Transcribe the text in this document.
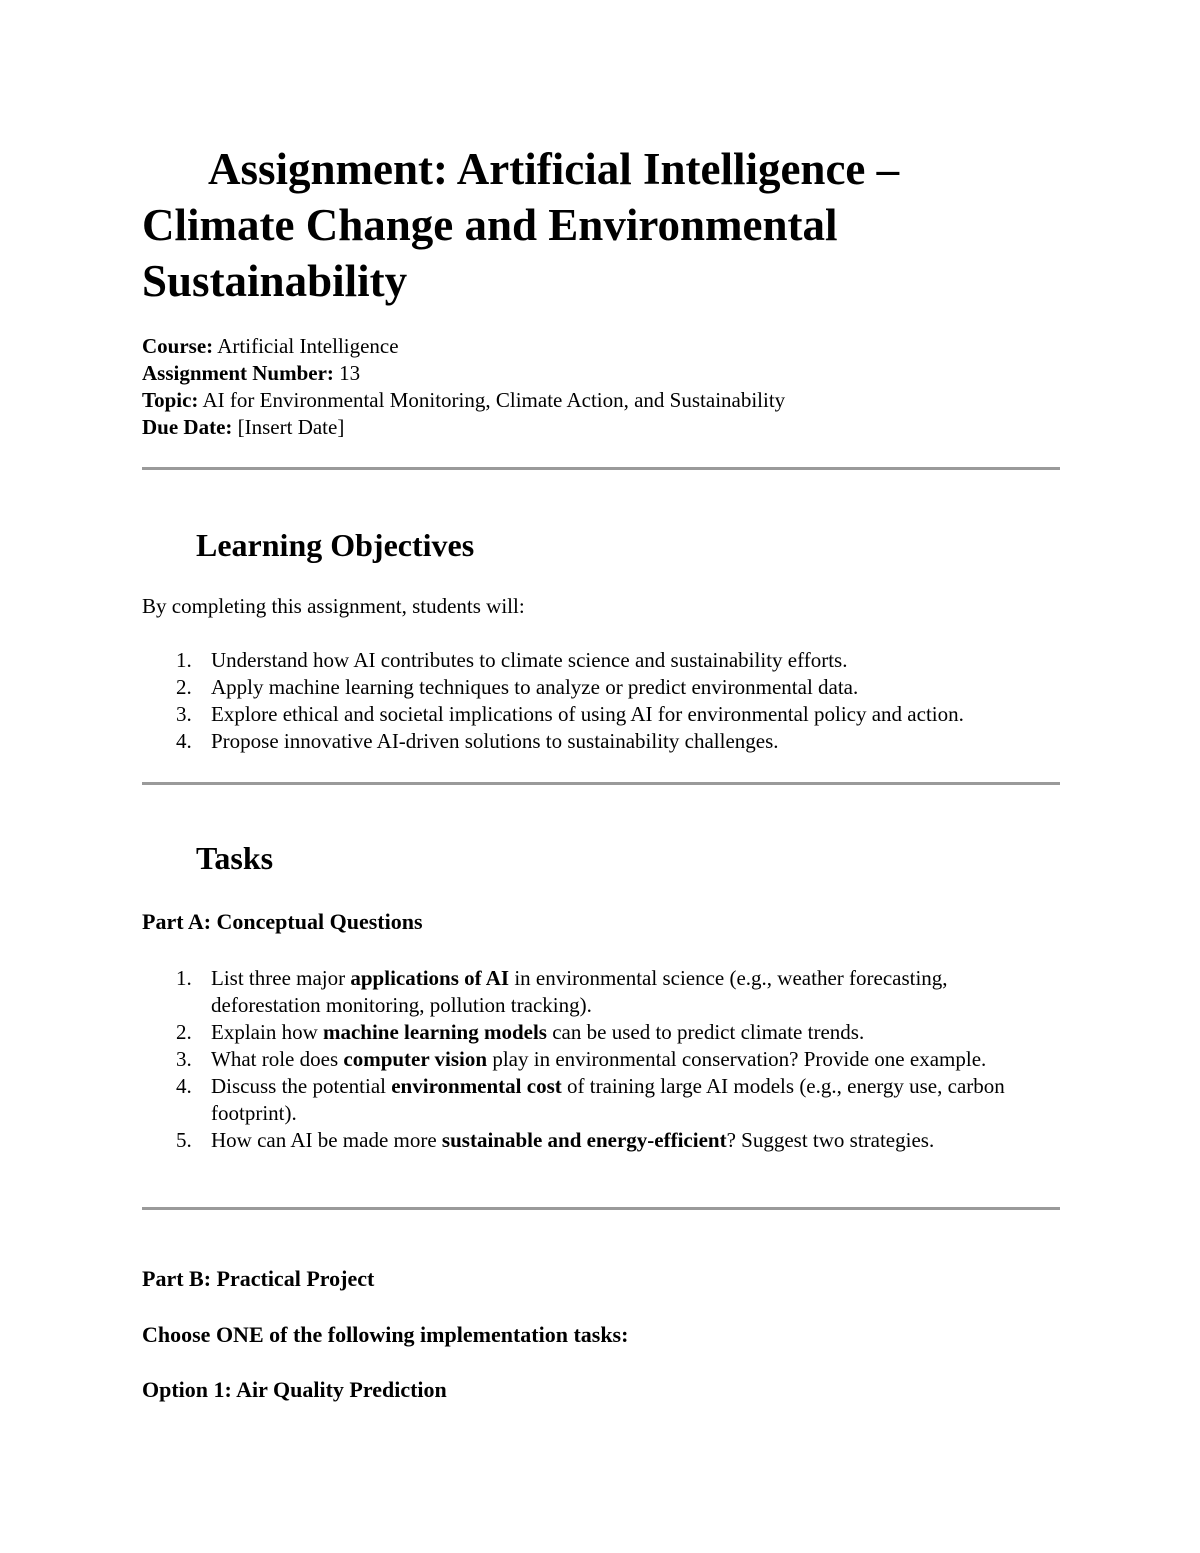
Assignment: Artificial Intelligence – Climate Change and Environmental Sustainability
Course: Artificial Intelligence
Assignment Number: 13
Topic: AI for Environmental Monitoring, Climate Action, and Sustainability
Due Date: [Insert Date]
Learning Objectives

By completing this assignment, students will:

1. Understand how AI contributes to climate science and sustainability efforts.
2. Apply machine learning techniques to analyze or predict environmental data.
3. Explore ethical and societal implications of using AI for environmental policy and action.
4. Propose innovative AI-driven solutions to sustainability challenges.
Tasks
Part A: Conceptual Questions
1. List three major applications of AI in environmental science (e.g., weather forecasting, deforestation monitoring, pollution tracking).
2. Explain how machine learning models can be used to predict climate trends.
3. What role does computer vision play in environmental conservation? Provide one example.
4. Discuss the potential environmental cost of training large AI models (e.g., energy use, carbon footprint).
5. How can AI be made more sustainable and energy-efficient? Suggest two strategies.
Part B: Practical Project
Choose ONE of the following implementation tasks:
Option 1: Air Quality Prediction
